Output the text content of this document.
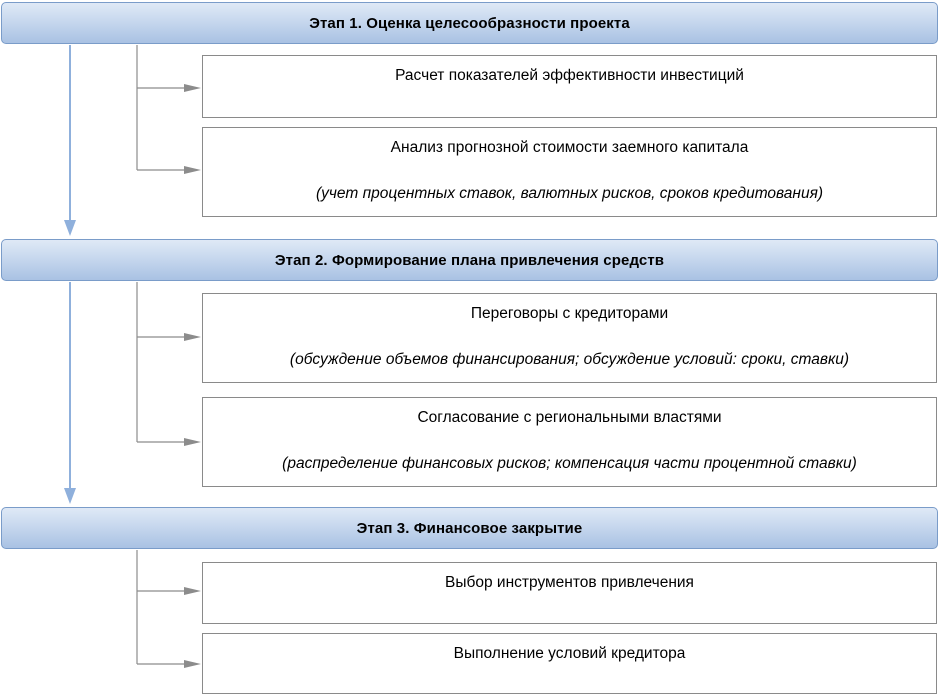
Этап 1. Оценка целесообразности проекта
Расчет показателей эффективности инвестиций
Анализ прогнозной стоимости заемного капитала
(учет процентных ставок, валютных рисков, сроков кредитования)
Этап 2. Формирование плана привлечения средств
Переговоры с кредиторами
(обсуждение объемов финансирования; обсуждение условий: сроки, ставки)
Согласование с региональными властями
(распределение финансовых рисков; компенсация части процентной ставки)
Этап 3. Финансовое закрытие
Выбор инструментов привлечения
Выполнение условий кредитора
